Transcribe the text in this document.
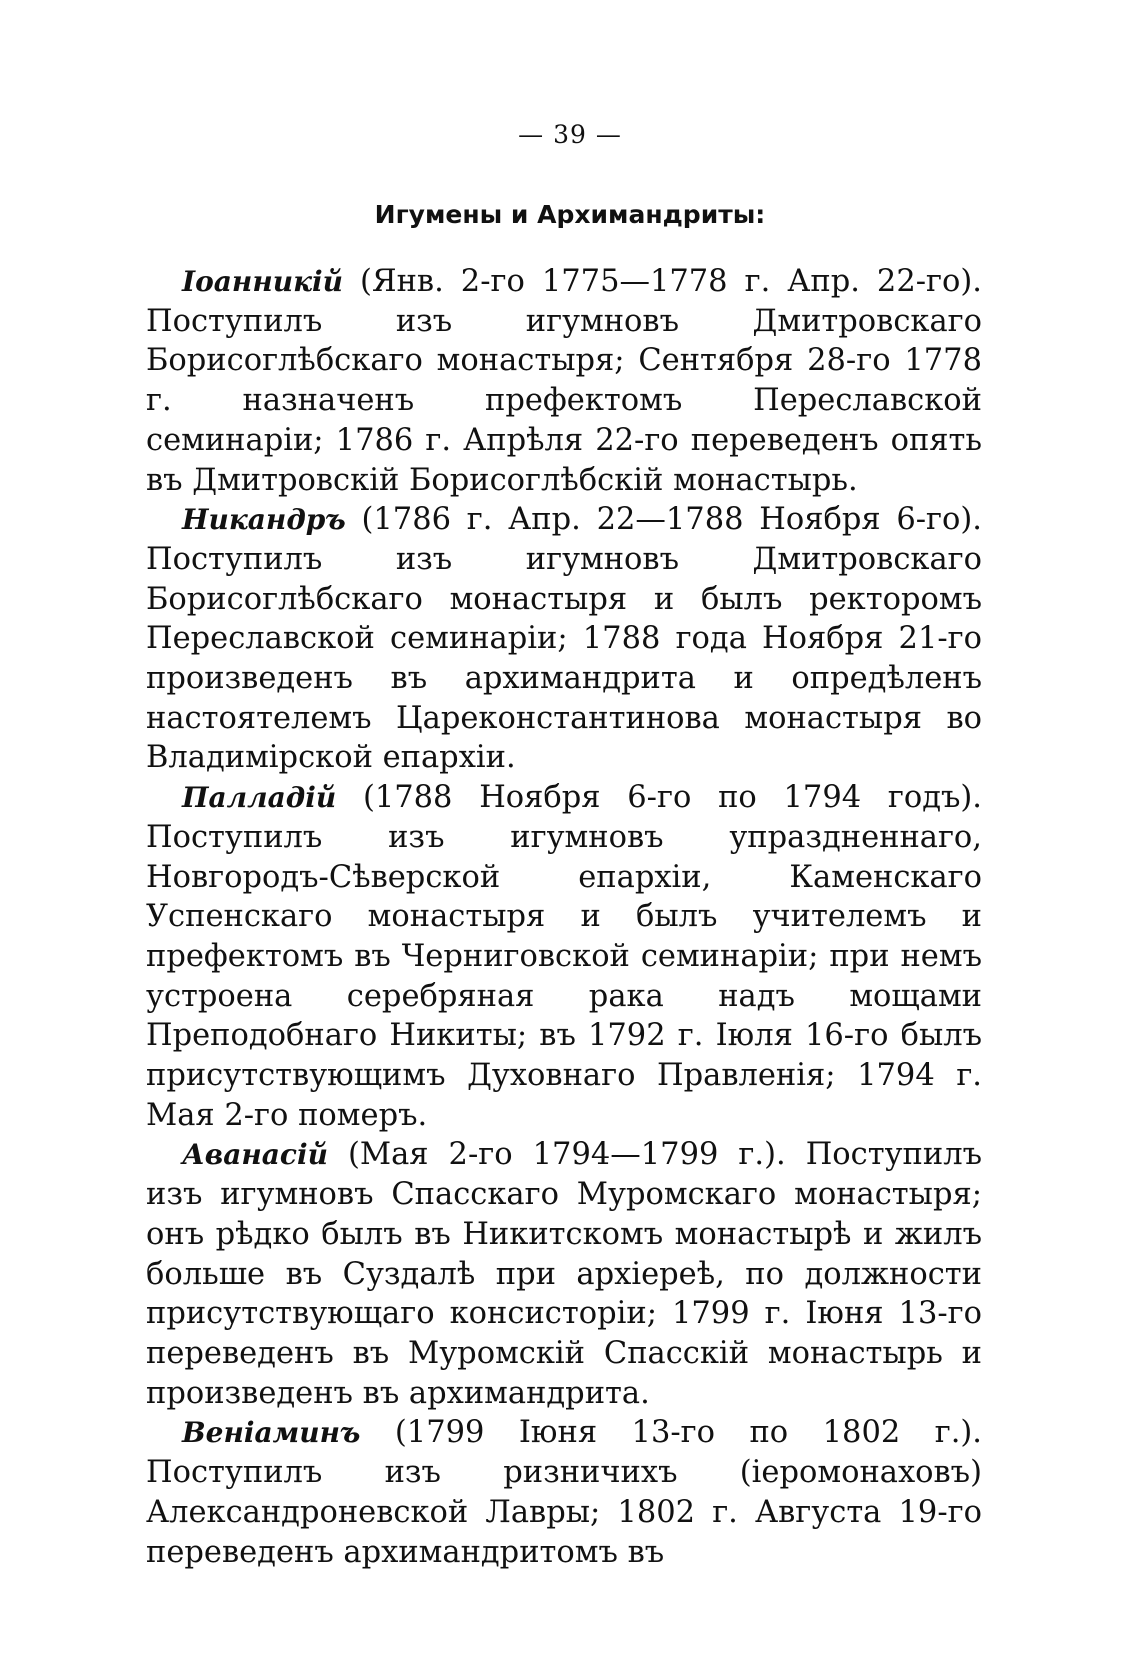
— 39 —
Игумены и Архимандриты:

Іоанникій (Янв. 2-го 1775—1778 г. Апр. 22-го). Поступилъ изъ игумновъ Дмитровскаго Борисоглѣбскаго монастыря; Сентября 28-го 1778 г. назначенъ префектомъ Переславской семинаріи; 1786 г. Апрѣля 22-го переведенъ опять въ Дмитровскій Борисоглѣбскій монастырь.

Никандръ (1786 г. Апр. 22—1788 Ноября 6-го). Поступилъ изъ игумновъ Дмитровскаго Борисоглѣбскаго монастыря и былъ ректоромъ Переславской семинаріи; 1788 года Ноября 21-го произведенъ въ архимандрита и опредѣленъ настоятелемъ Цареконстантинова монастыря во Владимірской епархіи.

Палладій (1788 Ноября 6-го по 1794 годъ). Поступилъ изъ игумновъ упраздненнаго, Новгородъ-Сѣверской епархіи, Каменскаго Успенскаго монастыря и былъ учителемъ и префектомъ въ Черниговской семинаріи; при немъ устроена серебряная рака надъ мощами Преподобнаго Никиты; въ 1792 г. Іюля 16-го былъ присутствующимъ Духовнаго Правленія; 1794 г. Мая 2-го померъ.

Аванасій (Мая 2-го 1794—1799 г.). Поступилъ изъ игумновъ Спасскаго Муромскаго монастыря; онъ рѣдко былъ въ Никитскомъ монастырѣ и жилъ больше въ Суздалѣ при архіереѣ, по должности присутствующаго консисторіи; 1799 г. Іюня 13-го переведенъ въ Муромскій Спасскій монастырь и произведенъ въ архимандрита.

Веніаминъ (1799 Іюня 13-го по 1802 г.). Поступилъ изъ ризничихъ (іеромонаховъ) Александроневской Лавры; 1802 г. Августа 19-го переведенъ архимандритомъ въ
